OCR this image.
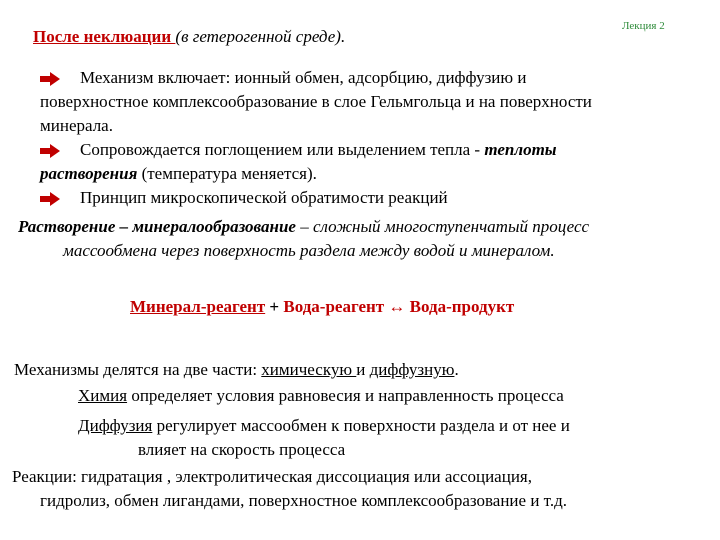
Лекция 2
После неклюации (в гетерогенной среде).
Механизм включает: ионный обмен, адсорбцию, диффузию и
поверхностное комплексообразование в слое Гельмгольца и на поверхности
минерала.
Сопровождается поглощением или выделением тепла - теплоты
растворения (температура меняется).
Принцип микроскопической обратимости реакций
Растворение – минералообразование – сложный многоступенчатый процесс
массообмена через поверхность раздела между водой и минералом.
Минерал-реагент + Вода-реагент ↔ Вода-продукт
Механизмы делятся на две части: химическую и диффузную.
Химия определяет условия равновесия и направленность процесса
Диффузия регулирует массообмен к поверхности раздела и от нее и
влияет на скорость процесса
Реакции: гидратация , электролитическая диссоциация или ассоциация,
гидролиз, обмен лигандами, поверхностное комплексообразование и т.д.
